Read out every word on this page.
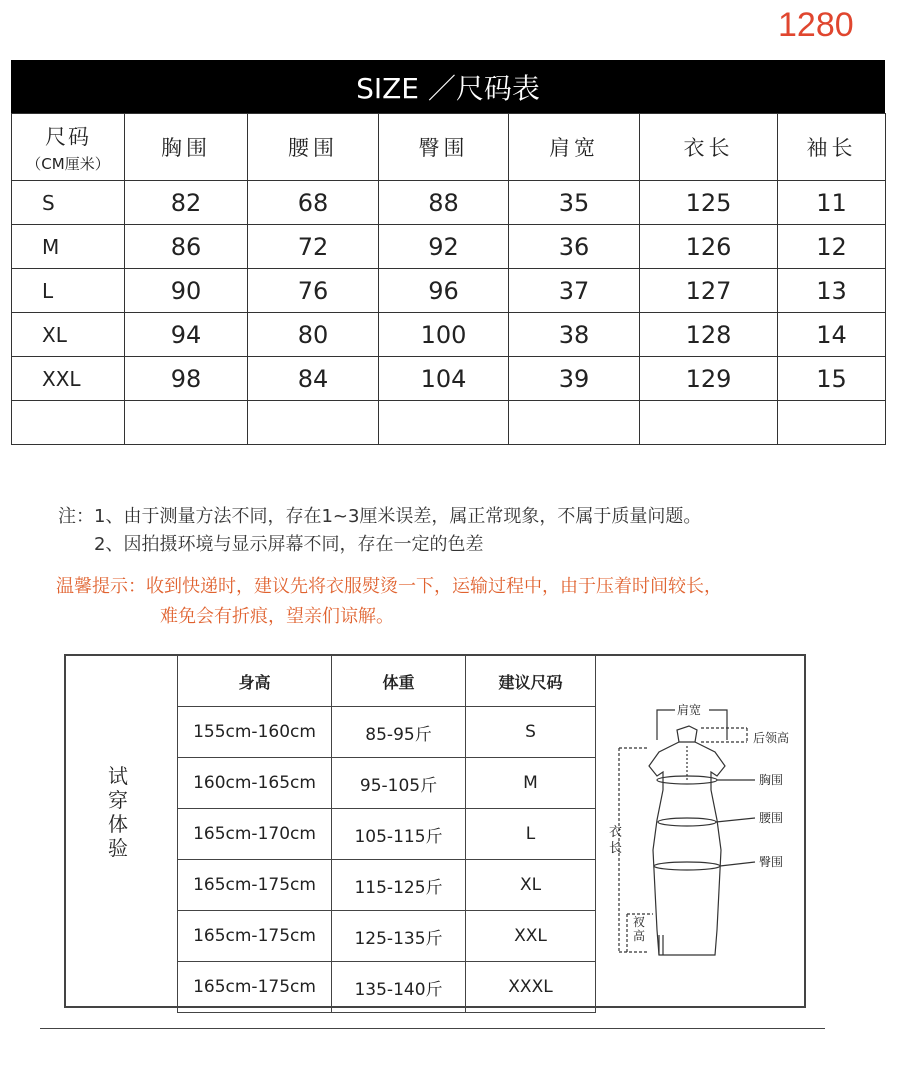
1280
SIZE ／尺码表
尺码
（CM厘米）	胸围	腰围	臀围	肩宽	衣长	袖长
S	82	68	88	35	125	11
M	86	72	92	36	126	12
L	90	76	96	37	127	13
XL	94	80	100	38	128	14
XXL	98	84	104	39	129	15

注：1、由于测量方法不同，存在1~3厘米误差，属正常现象，不属于质量问题。
2、因拍摄环境与显示屏幕不同，存在一定的色差
温馨提示：收到快递时，建议先将衣服熨烫一下，运输过程中，由于压着时间较长，
难免会有折痕，望亲们谅解。
试
穿
体
验
身高	体重	建议尺码
155cm-160cm	85-95斤	S
160cm-165cm	95-105斤	M
165cm-170cm	105-115斤	L
165cm-175cm	115-125斤	XL
165cm-175cm	125-135斤	XXL
165cm-175cm	135-140斤	XXXL
肩宽
后领高
胸围
腰围
臀围
衣长
衩高
